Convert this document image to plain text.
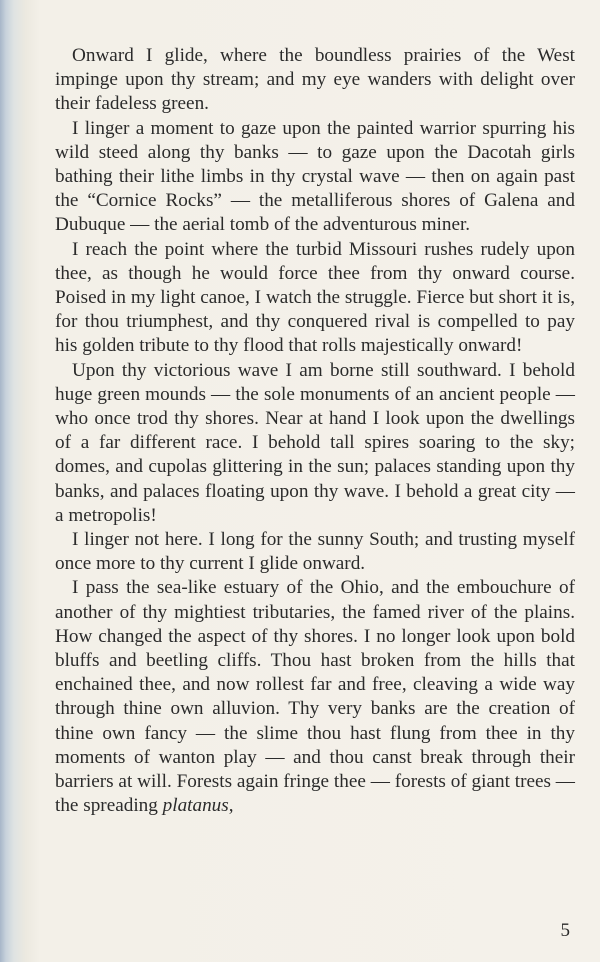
Onward I glide, where the boundless prairies of the West impinge upon thy stream; and my eye wanders with delight over their fadeless green.

I linger a moment to gaze upon the painted warrior spurring his wild steed along thy banks — to gaze upon the Dacotah girls bathing their lithe limbs in thy crystal wave — then on again past the “Cornice Rocks” — the metalliferous shores of Galena and Dubuque — the aerial tomb of the adventurous miner.

I reach the point where the turbid Missouri rushes rudely upon thee, as though he would force thee from thy onward course. Poised in my light canoe, I watch the struggle. Fierce but short it is, for thou triumphest, and thy conquered rival is compelled to pay his golden tribute to thy flood that rolls majestically onward!

Upon thy victorious wave I am borne still southward. I behold huge green mounds — the sole monuments of an ancient people — who once trod thy shores. Near at hand I look upon the dwellings of a far different race. I behold tall spires soaring to the sky; domes, and cupolas glittering in the sun; palaces standing upon thy banks, and palaces floating upon thy wave. I behold a great city — a metropolis!

I linger not here. I long for the sunny South; and trusting myself once more to thy current I glide onward.

I pass the sea-like estuary of the Ohio, and the embouchure of another of thy mightiest tributaries, the famed river of the plains. How changed the aspect of thy shores. I no longer look upon bold bluffs and beetling cliffs. Thou hast broken from the hills that enchained thee, and now rollest far and free, cleaving a wide way through thine own alluvion. Thy very banks are the creation of thine own fancy — the slime thou hast flung from thee in thy moments of wanton play — and thou canst break through their barriers at will. Forests again fringe thee — forests of giant trees — the spreading platanus,

5
